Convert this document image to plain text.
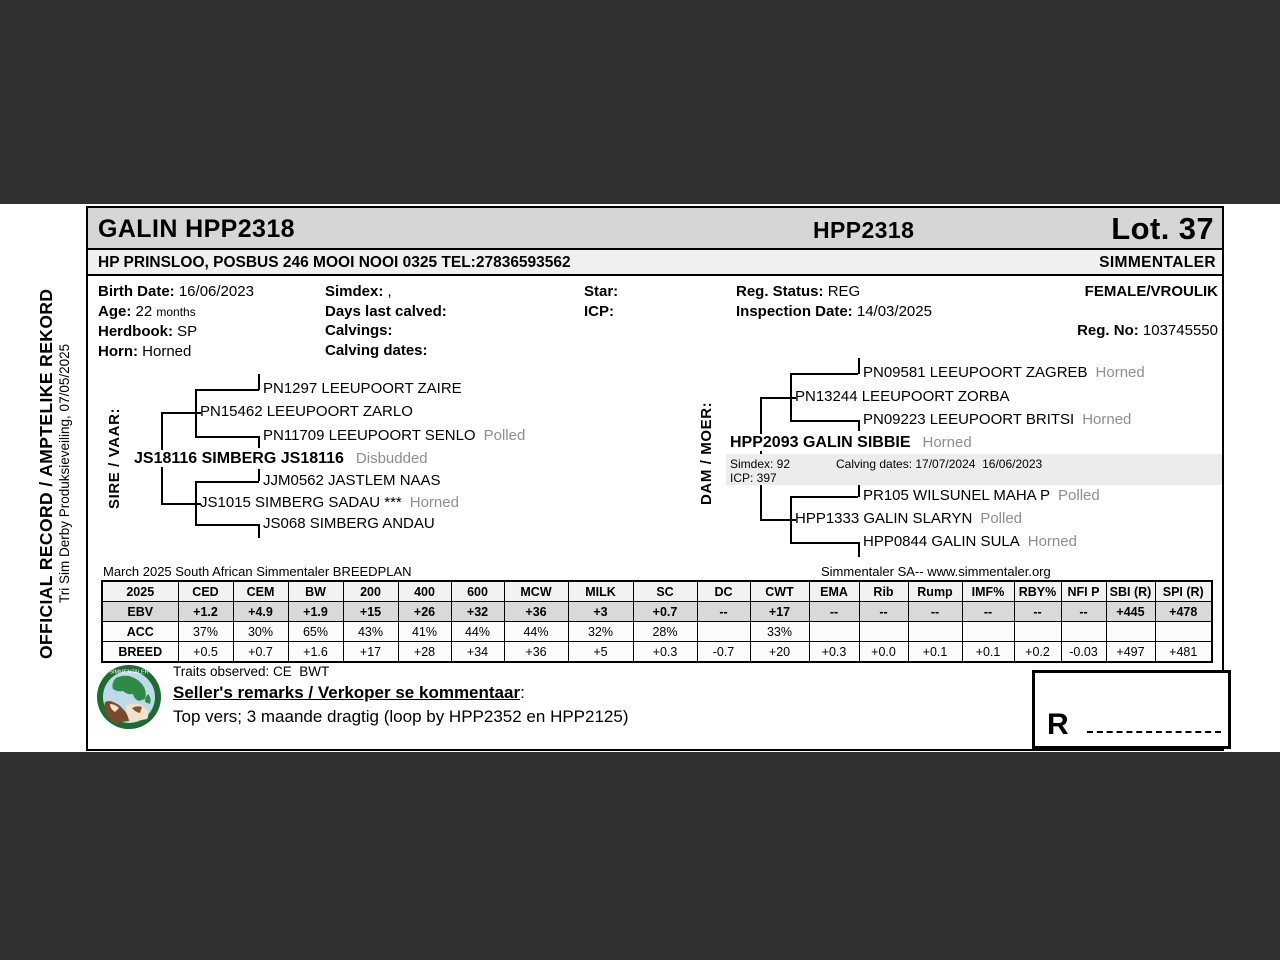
OFFICIAL RECORD / AMPTELIKE REKORD Tri Sim Derby Produksieveiling, 07/05/2025
GALIN HPP2318	HPP2318	Lot. 37
HP PRINSLOO, POSBUS 246 MOOI NOOI 0325 TEL:27836593562	SIMMENTALER
Birth Date: 16/06/2023
Age: 22 months
Herdbook: SP
Horn: Horned
Simdex: ,
Days last calved:
Calvings:
Calving dates:
Star:
ICP:
Reg. Status: REG
Inspection Date: 14/03/2025
FEMALE/VROULIK
Reg. No: 103745550
SIRE / VAAR:	DAM / MOER:
PN1297 LEEUPOORT ZAIRE
PN15462 LEEUPOORT ZARLO
PN11709 LEEUPOORT SENLO Polled
JS18116 SIMBERG JS18116 Disbudded
JJM0562 JASTLEM NAAS
JS1015 SIMBERG SADAU *** Horned
JS068 SIMBERG ANDAU
PN09581 LEEUPOORT ZAGREB Horned
PN13244 LEEUPOORT ZORBA
PN09223 LEEUPOORT BRITSI Horned
HPP2093 GALIN SIBBIE Horned
Simdex: 92	Calving dates: 17/07/2024  16/06/2023
ICP: 397
PR105 WILSUNEL MAHA P Polled
HPP1333 GALIN SLARYN Polled
HPP0844 GALIN SULA Horned
March 2025 South African Simmentaler BREEDPLAN	Simmentaler SA-- www.simmentaler.org
2025	CED	CEM	BW	200	400	600	MCW	MILK	SC	DC	CWT	EMA	Rib	Rump	IMF%	RBY%	NFI P	SBI (R)	SPI (R)
EBV	+1.2	+4.9	+1.9	+15	+26	+32	+36	+3	+0.7	--	+17	--	--	--	--	--	--	+445	+478
ACC	37%	30%	65%	43%	41%	44%	44%	32%	28%		33%								
BREED	+0.5	+0.7	+1.6	+17	+28	+34	+36	+5	+0.3	-0.7	+20	+0.3	+0.0	+0.1	+0.1	+0.2	-0.03	+497	+481
SIMMENTALER Traits observed: CE  BWT
Seller's remarks / Verkoper se kommentaar:
Top vers; 3 maande dragtig (loop by HPP2352 en HPP2125)	R
